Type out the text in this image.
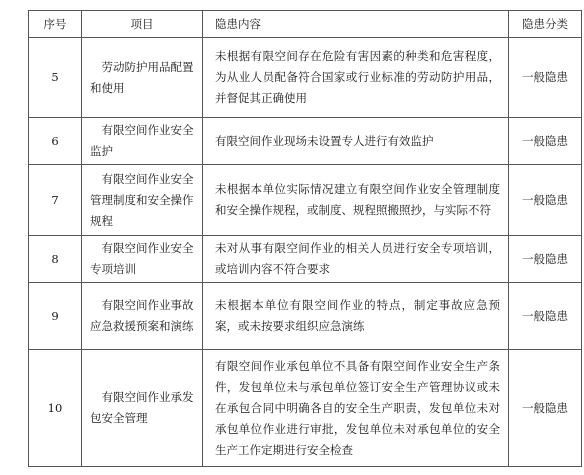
序号	项目	隐患内容	隐患分类
5	劳动防护用品配置和使用	未根据有限空间存在危险有害因素的种类和危害程度，为从业人员配备符合国家或行业标准的劳动防护用品，并督促其正确使用	一般隐患
6	有限空间作业安全监护	有限空间作业现场未设置专人进行有效监护	一般隐患
7	有限空间作业安全管理制度和安全操作规程	未根据本单位实际情况建立有限空间作业安全管理制度和安全操作规程，或制度、规程照搬照抄，与实际不符	一般隐患
8	有限空间作业安全专项培训	未对从事有限空间作业的相关人员进行安全专项培训，或培训内容不符合要求	一般隐患
9	有限空间作业事故应急救援预案和演练	未根据本单位有限空间作业的特点，制定事故应急预案，或未按要求组织应急演练	一般隐患
10	有限空间作业承发包安全管理	有限空间作业承包单位不具备有限空间作业安全生产条件，发包单位未与承包单位签订安全生产管理协议或未在承包合同中明确各自的安全生产职责，发包单位未对承包单位作业进行审批，发包单位未对承包单位的安全生产工作定期进行安全检查	一般隐患
